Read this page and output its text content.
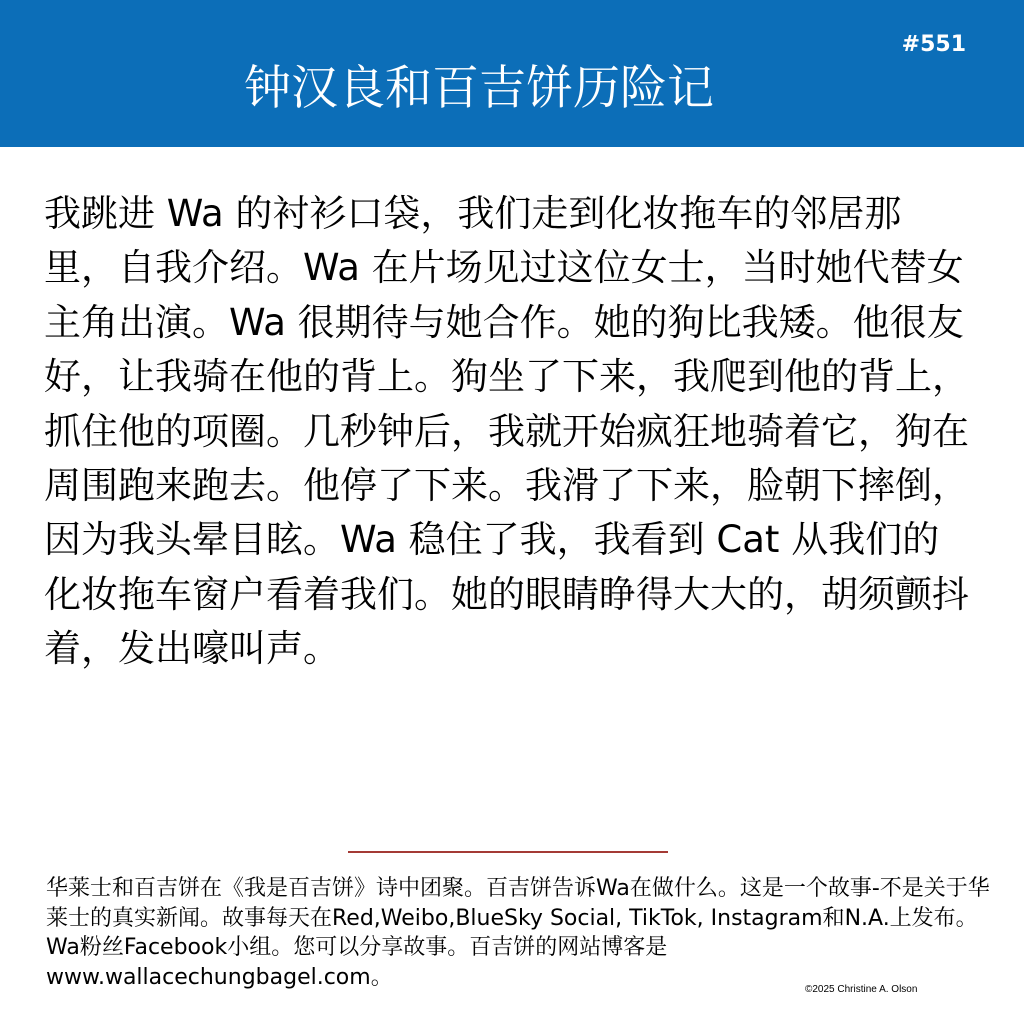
钟汉良和百吉饼历险记
#551

我跳进 Wa 的衬衫口袋，我们走到化妆拖车的邻居那里，自我介绍。Wa 在片场见过这位女士，当时她代替女主角出演。Wa 很期待与她合作。她的狗比我矮。他很友好，让我骑在他的背上。狗坐了下来，我爬到他的背上，抓住他的项圈。几秒钟后，我就开始疯狂地骑着它，狗在周围跑来跑去。他停了下来。我滑了下来，脸朝下摔倒，因为我头晕目眩。Wa 稳住了我，我看到 Cat 从我们的化妆拖车窗户看着我们。她的眼睛睁得大大的，胡须颤抖着，发出嚎叫声。

华莱士和百吉饼在《我是百吉饼》诗中团聚。百吉饼告诉Wa在做什么。这是一个故事-不是关于华莱士的真实新闻。故事每天在Red,Weibo,BlueSky Social, TikTok, Instagram和N.A.上发布。Wa粉丝Facebook小组。您可以分享故事。百吉饼的网站博客是www.wallacechungbagel.com。	©2025 Christine A. Olson
